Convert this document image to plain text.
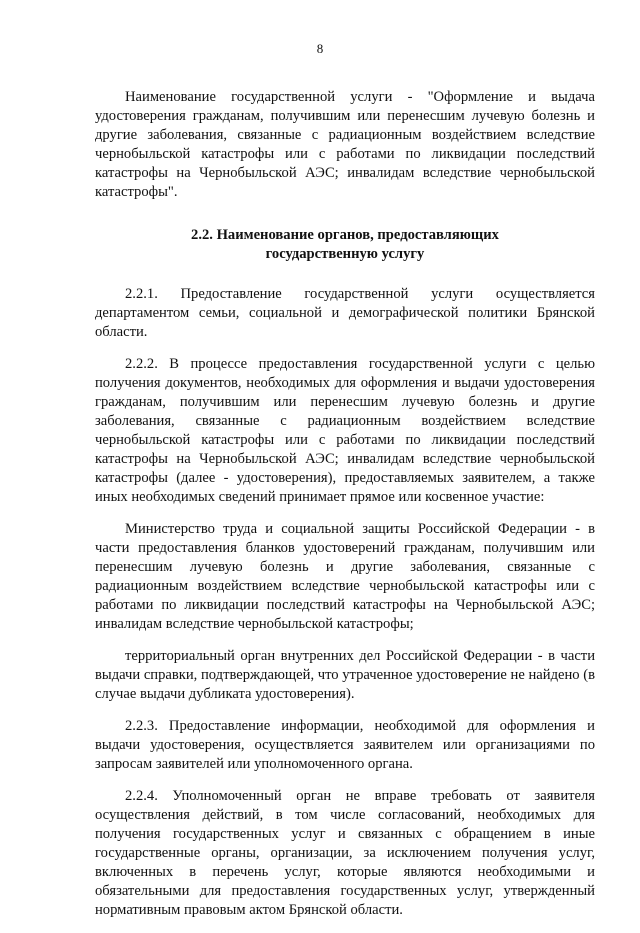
8

Наименование государственной услуги - "Оформление и выдача удостоверения гражданам, получившим или перенесшим лучевую болезнь и другие заболевания, связанные с радиационным воздействием вследствие чернобыльской катастрофы или с работами по ликвидации последствий катастрофы на Чернобыльской АЭС; инвалидам вследствие чернобыльской катастрофы".

2.2. Наименование органов, предоставляющих государственную услугу

2.2.1. Предоставление государственной услуги осуществляется департаментом семьи, социальной и демографической политики Брянской области.

2.2.2. В процессе предоставления государственной услуги с целью получения документов, необходимых для оформления и выдачи удостоверения гражданам, получившим или перенесшим лучевую болезнь и другие заболевания, связанные с радиационным воздействием вследствие чернобыльской катастрофы или с работами по ликвидации последствий катастрофы на Чернобыльской АЭС; инвалидам вследствие чернобыльской катастрофы (далее - удостоверения), предоставляемых заявителем, а также иных необходимых сведений принимает прямое или косвенное участие:

Министерство труда и социальной защиты Российской Федерации - в части предоставления бланков удостоверений гражданам, получившим или перенесшим лучевую болезнь и другие заболевания, связанные с радиационным воздействием вследствие чернобыльской катастрофы или с работами по ликвидации последствий катастрофы на Чернобыльской АЭС; инвалидам вследствие чернобыльской катастрофы;

территориальный орган внутренних дел Российской Федерации - в части выдачи справки, подтверждающей, что утраченное удостоверение не найдено (в случае выдачи дубликата удостоверения).

2.2.3. Предоставление информации, необходимой для оформления и выдачи удостоверения, осуществляется заявителем или организациями по запросам заявителей или уполномоченного органа.

2.2.4. Уполномоченный орган не вправе требовать от заявителя осуществления действий, в том числе согласований, необходимых для получения государственных услуг и связанных с обращением в иные государственные органы, организации, за исключением получения услуг, включенных в перечень услуг, которые являются необходимыми и обязательными для предоставления государственных услуг, утвержденный нормативным правовым актом Брянской области.
